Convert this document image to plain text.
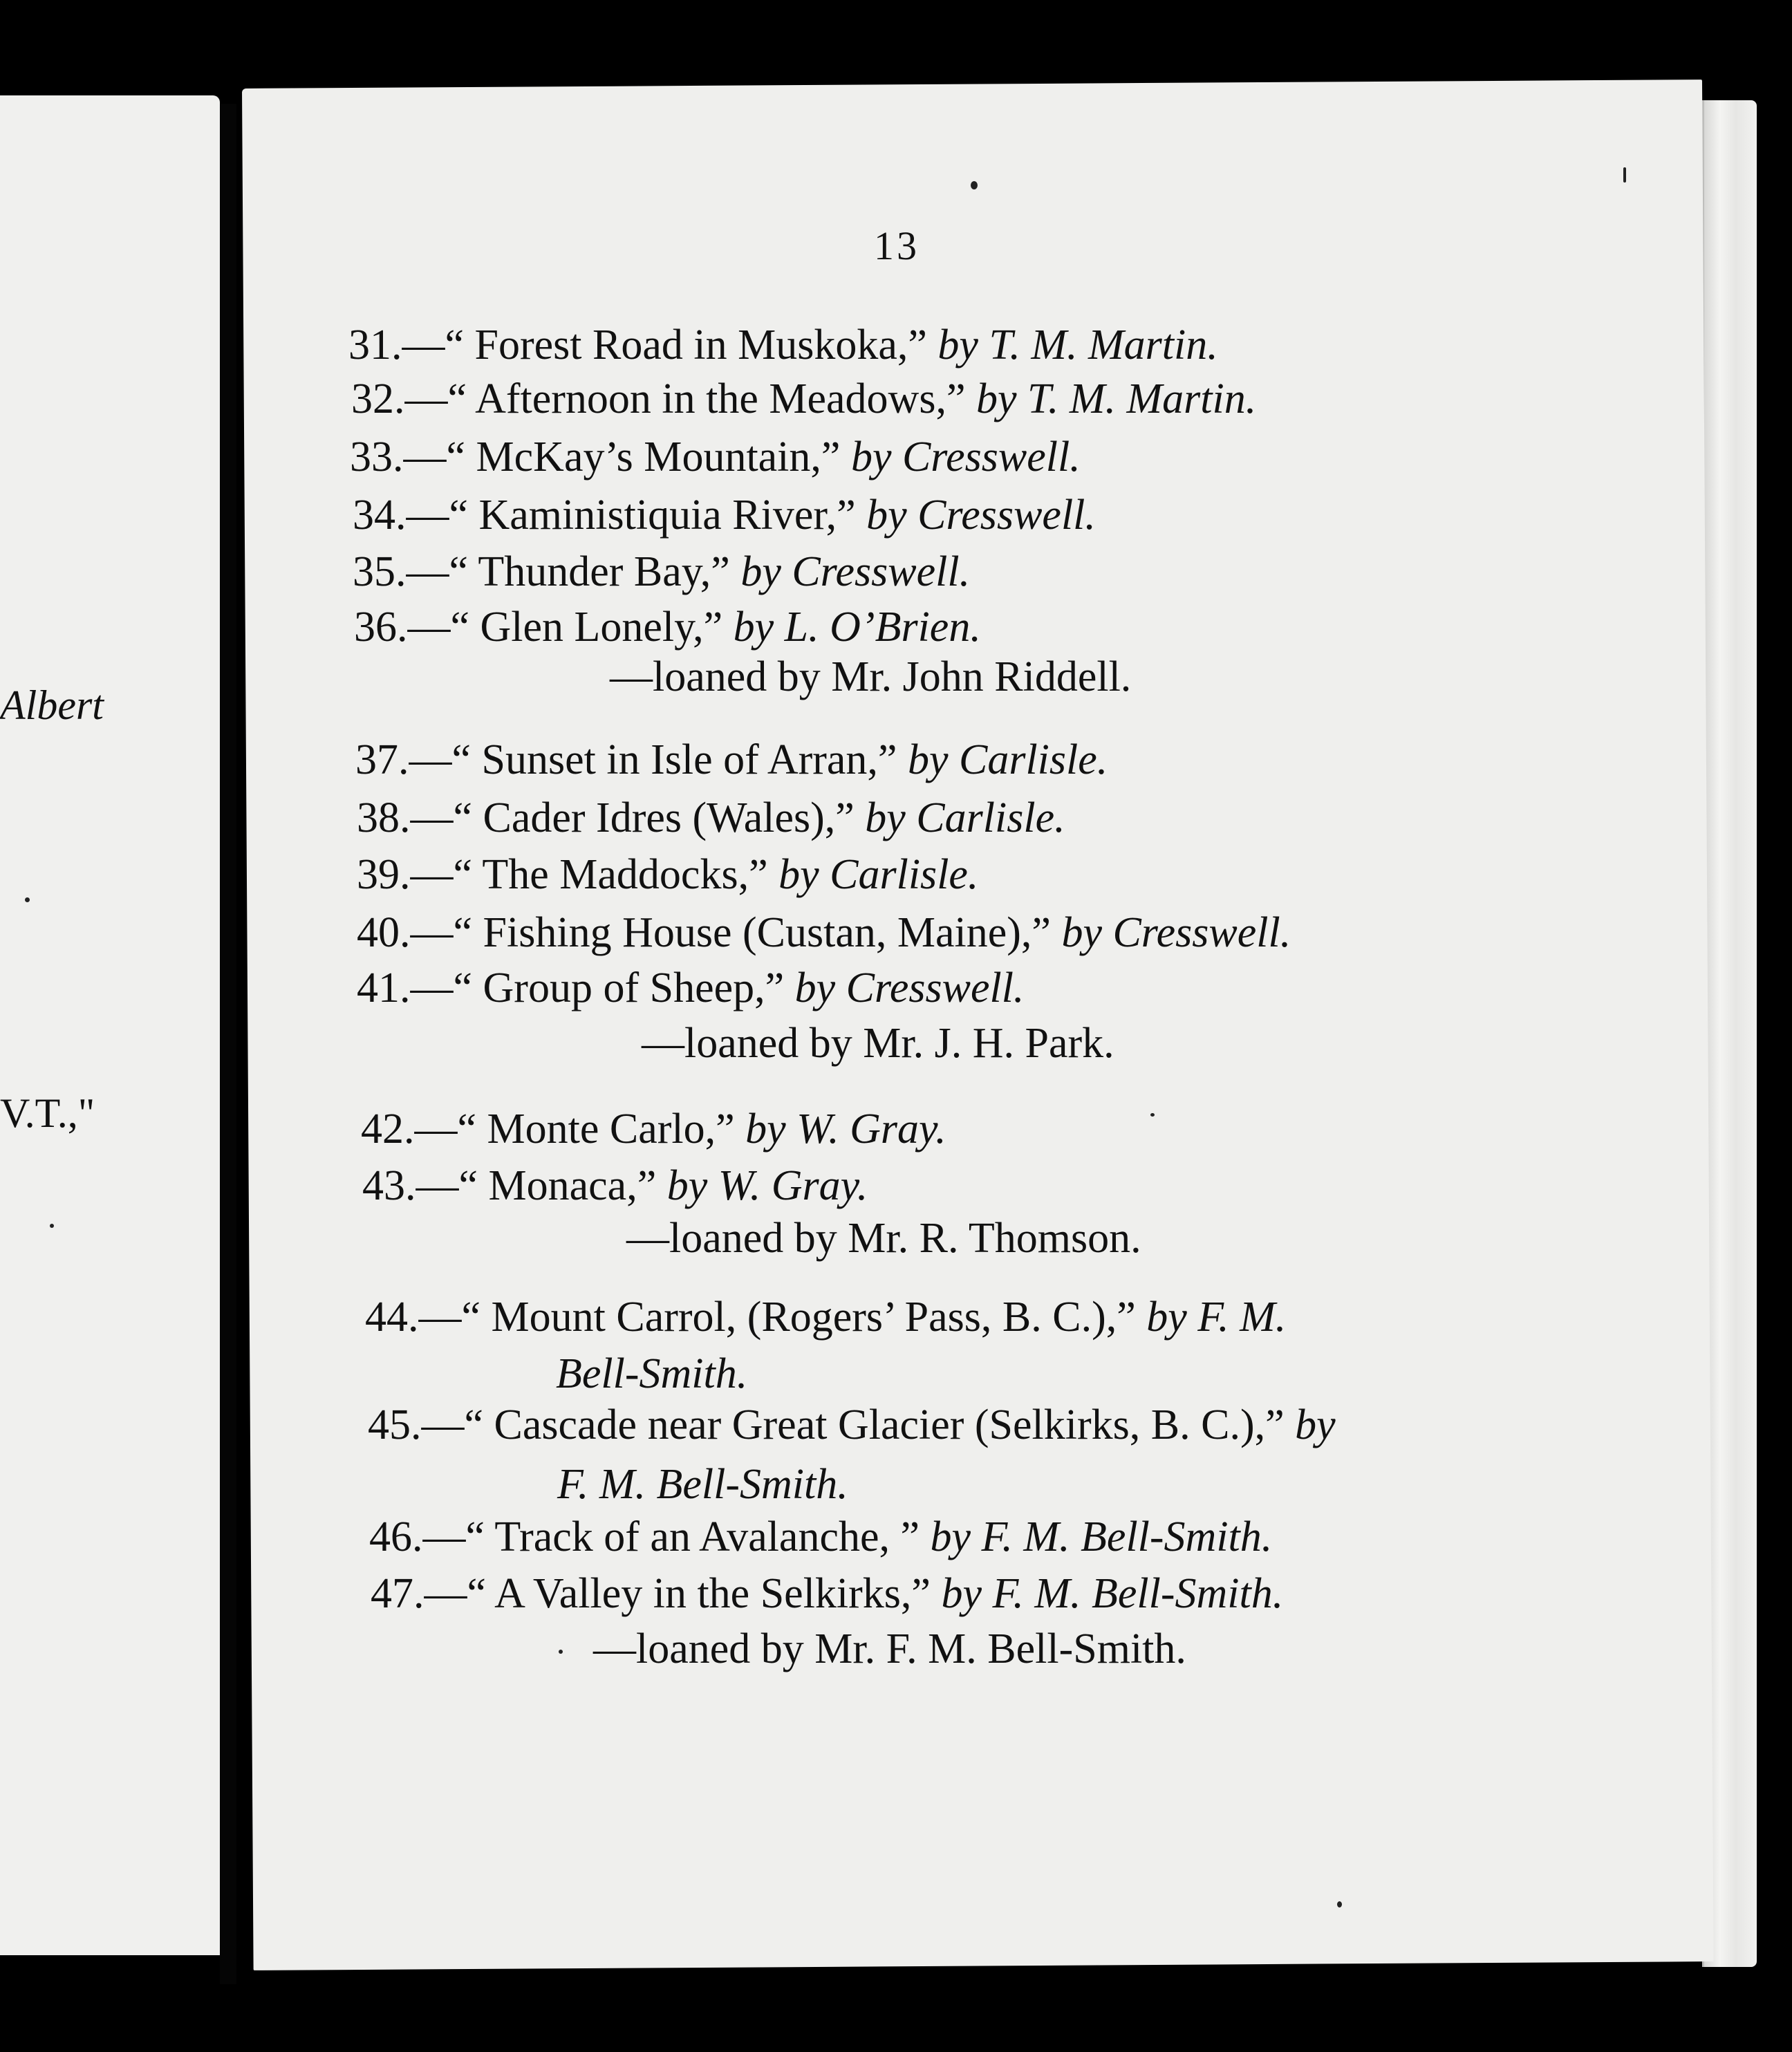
Albert
V.T.,"
13
31.—“ Forest Road in Muskoka,” by T. M. Martin.
32.—“ Afternoon in the Meadows,” by T. M. Martin.
33.—“ McKay’s Mountain,” by Cresswell.
34.—“ Kaministiquia River,” by Cresswell.
35.—“ Thunder Bay,” by Cresswell.
36.—“ Glen Lonely,” by L. O’Brien.
—loaned by Mr. John Riddell.
37.—“ Sunset in Isle of Arran,” by Carlisle.
38.—“ Cader Idres (Wales),” by Carlisle.
39.—“ The Maddocks,” by Carlisle.
40.—“ Fishing House (Custan, Maine),” by Cresswell.
41.—“ Group of Sheep,” by Cresswell.
—loaned by Mr. J. H. Park.
42.—“ Monte Carlo,” by W. Gray.
43.—“ Monaca,” by W. Gray.
—loaned by Mr. R. Thomson.
44.—“ Mount Carrol, (Rogers’ Pass, B. C.),” by F. M.
Bell-Smith.
45.—“ Cascade near Great Glacier (Selkirks, B. C.),” by
F. M. Bell-Smith.
46.—“ Track of an Avalanche, ” by F. M. Bell-Smith.
47.—“ A Valley in the Selkirks,” by F. M. Bell-Smith.
—loaned by Mr. F. M. Bell-Smith.
